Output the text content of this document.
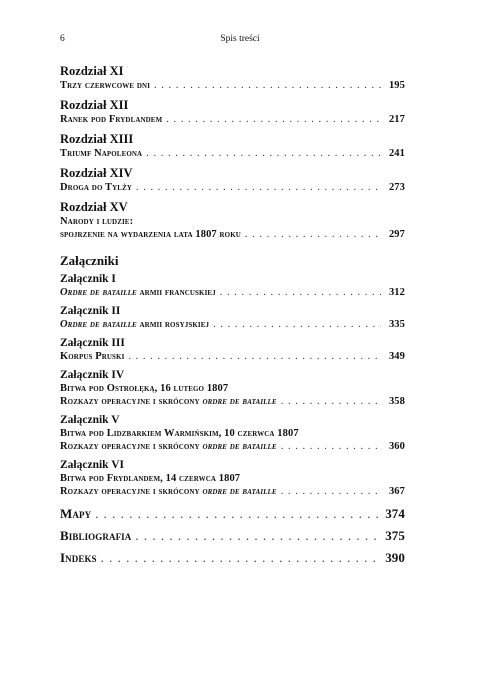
6	Spis treści
Rozdział XI
Trzy czerwcowe dni . . .	195
Rozdział XII
Ranek pod Frydlandem . . .	217
Rozdział XIII
Triumf Napoleona . . .	241
Rozdział XIV
Droga do Tylży . . .	273
Rozdział XV
Narody i ludzie:
spojrzenie na wydarzenia lata 1807 roku . . .	297
Załączniki
Załącznik I
Ordre de bataille armii francuskiej . . .	312
Załącznik II
Ordre de bataille armii rosyjskiej . . .	335
Załącznik III
Korpus Pruski . . .	349
Załącznik IV
Bitwa pod Ostrołęką, 16 lutego 1807
Rozkazy operacyjne i skrócony ordre de bataille . . .	358
Załącznik V
Bitwa pod Lidzbarkiem Warmińskim, 10 czerwca 1807
Rozkazy operacyjne i skrócony ordre de bataille . . .	360
Załącznik VI
Bitwa pod Frydlandem, 14 czerwca 1807
Rozkazy operacyjne i skrócony ordre de bataille . . .	367
Mapy . . .	374
Bibliografia . . .	375
Indeks . . .	390
